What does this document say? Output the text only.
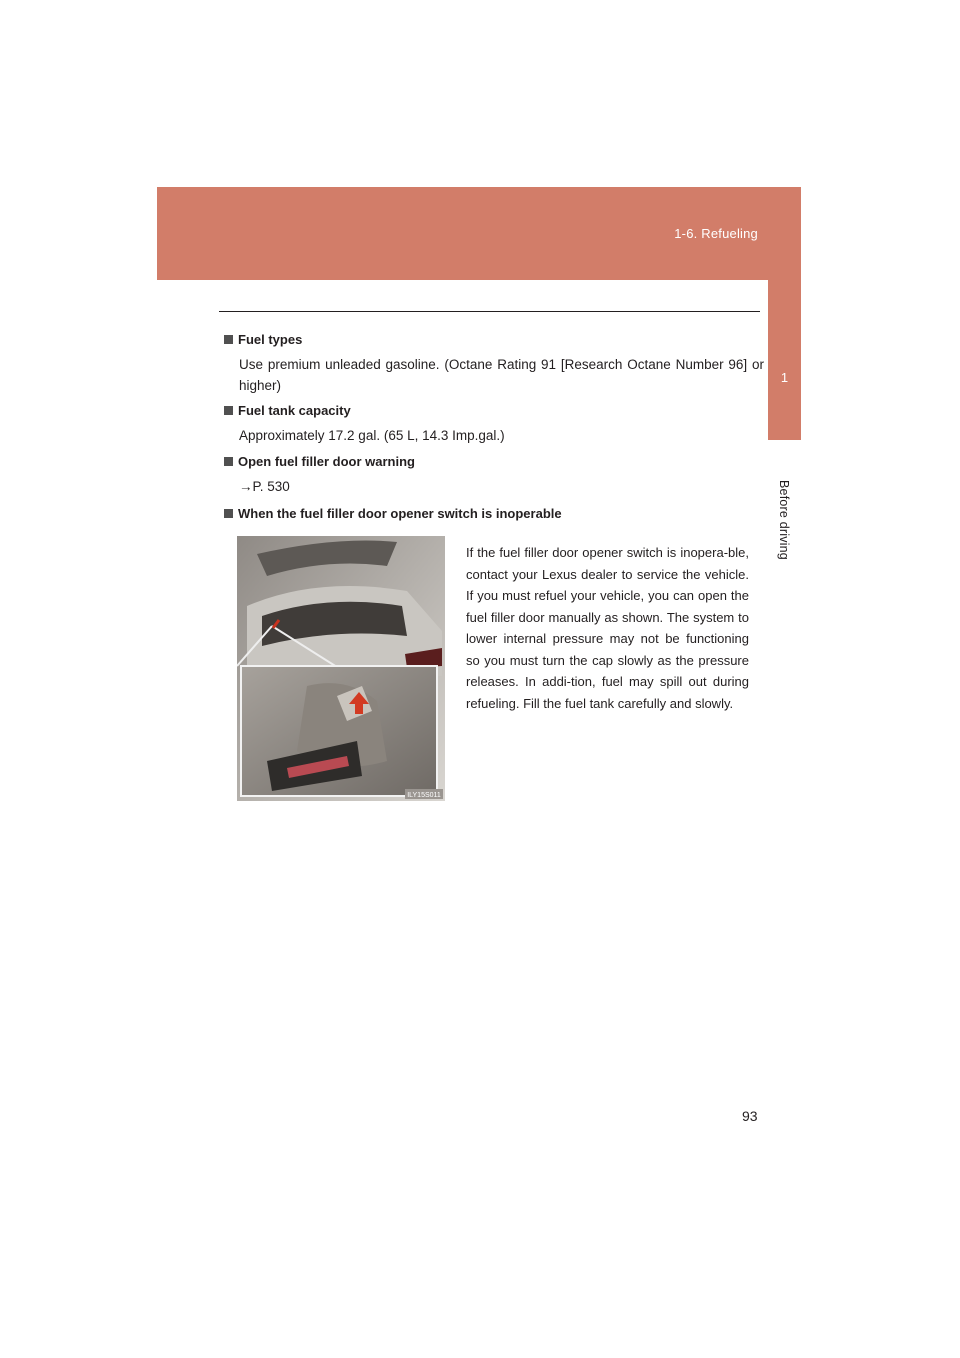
1-6. Refueling
1
Before driving
Fuel types
Use premium unleaded gasoline. (Octane Rating 91 [Research Octane Number 96] or higher)
Fuel tank capacity
Approximately 17.2 gal. (65 L, 14.3 Imp.gal.)
Open fuel filler door warning
→P. 530
When the fuel filler door opener switch is inoperable
ILY15S011
If the fuel filler door opener switch is inopera-ble, contact your Lexus dealer to service the vehicle. If you must refuel your vehicle, you can open the fuel filler door manually as shown. The system to lower internal pressure may not be functioning so you must turn the cap slowly as the pressure releases. In addi-tion, fuel may spill out during refueling. Fill the fuel tank carefully and slowly.
93
